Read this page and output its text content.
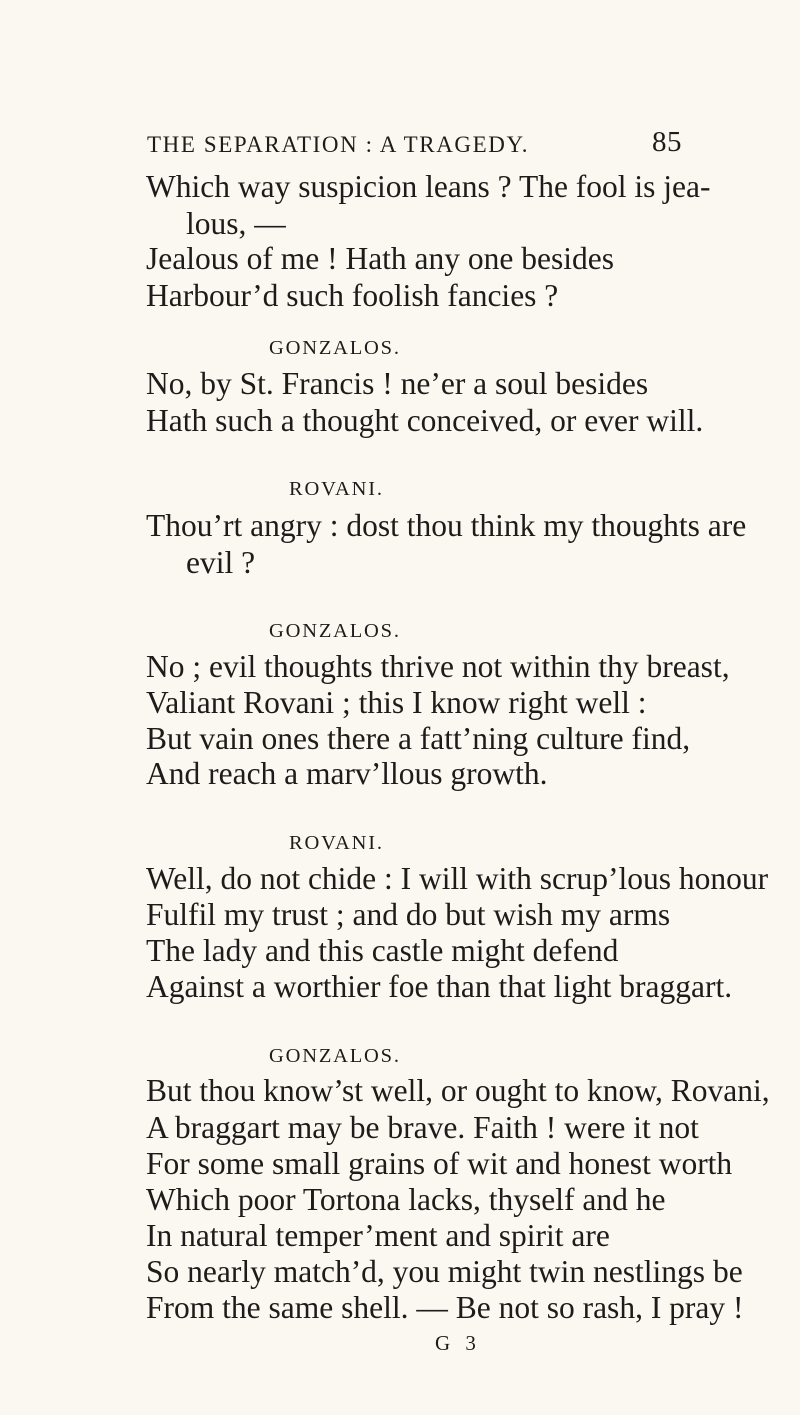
THE SEPARATION : A TRAGEDY.	85
Which way suspicion leans ? The fool is jea-
lous, —
Jealous of me ! Hath any one besides
Harbour’d such foolish fancies ?
GONZALOS.
No, by St. Francis ! ne’er a soul besides
Hath such a thought conceived, or ever will.
ROVANI.
Thou’rt angry : dost thou think my thoughts are
evil ?
GONZALOS.
No ; evil thoughts thrive not within thy breast,
Valiant Rovani ; this I know right well :
But vain ones there a fatt’ning culture find,
And reach a marv’llous growth.
ROVANI.
Well, do not chide : I will with scrup’lous honour
Fulfil my trust ; and do but wish my arms
The lady and this castle might defend
Against a worthier foe than that light braggart.
GONZALOS.
But thou know’st well, or ought to know, Rovani,
A braggart may be brave. Faith ! were it not
For some small grains of wit and honest worth
Which poor Tortona lacks, thyself and he
In natural temper’ment and spirit are
So nearly match’d, you might twin nestlings be
From the same shell. — Be not so rash, I pray !
G 3
